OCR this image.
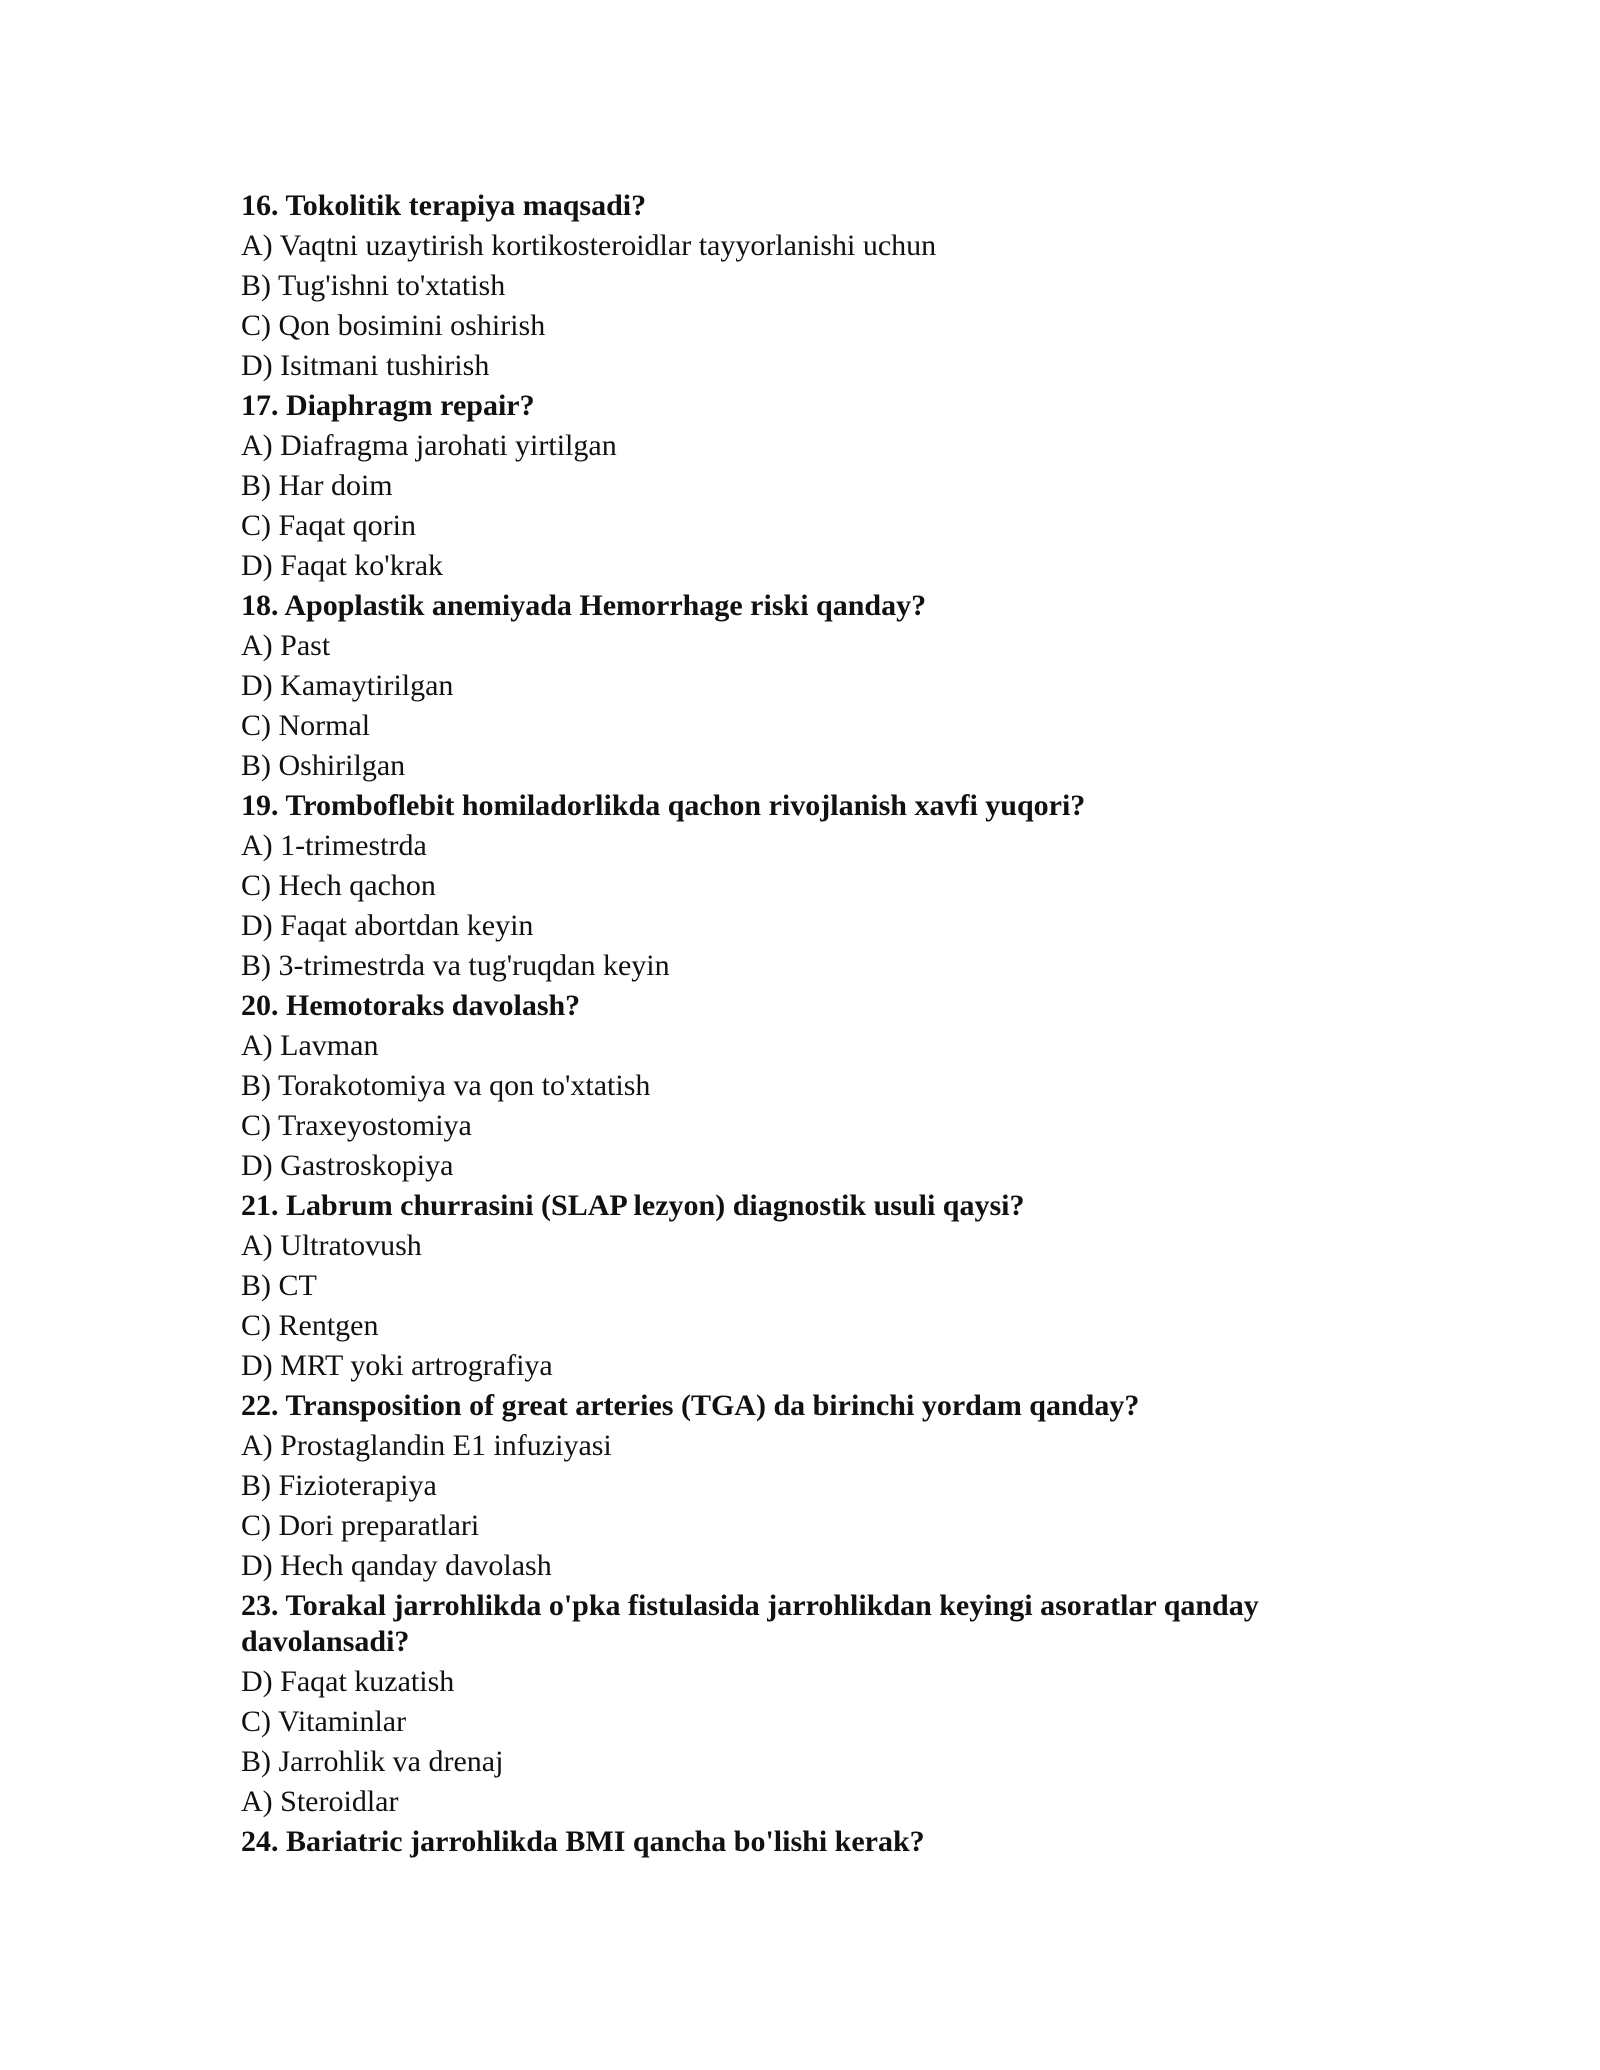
16. Tokolitik terapiya maqsadi?

A) Vaqtni uzaytirish kortikosteroidlar tayyorlanishi uchun

B) Tug'ishni to'xtatish

C) Qon bosimini oshirish

D) Isitmani tushirish

17. Diaphragm repair?

A) Diafragma jarohati yirtilgan

B) Har doim

C) Faqat qorin

D) Faqat ko'krak

18. Apoplastik anemiyada Hemorrhage riski qanday?

A) Past

D) Kamaytirilgan

C) Normal

B) Oshirilgan

19. Tromboflebit homiladorlikda qachon rivojlanish xavfi yuqori?

A) 1-trimestrda

C) Hech qachon

D) Faqat abortdan keyin

B) 3-trimestrda va tug'ruqdan keyin

20. Hemotoraks davolash?

A) Lavman

B) Torakotomiya va qon to'xtatish

C) Traxeyostomiya

D) Gastroskopiya

21. Labrum churrasini (SLAP lezyon) diagnostik usuli qaysi?

A) Ultratovush

B) CT

C) Rentgen

D) MRT yoki artrografiya

22. Transposition of great arteries (TGA) da birinchi yordam qanday?

A) Prostaglandin E1 infuziyasi

B) Fizioterapiya

C) Dori preparatlari

D) Hech qanday davolash

23. Torakal jarrohlikda o'pka fistulasida jarrohlikdan keyingi asoratlar qanday davolansadi?

D) Faqat kuzatish

C) Vitaminlar

B) Jarrohlik va drenaj

A) Steroidlar

24. Bariatric jarrohlikda BMI qancha bo'lishi kerak?
